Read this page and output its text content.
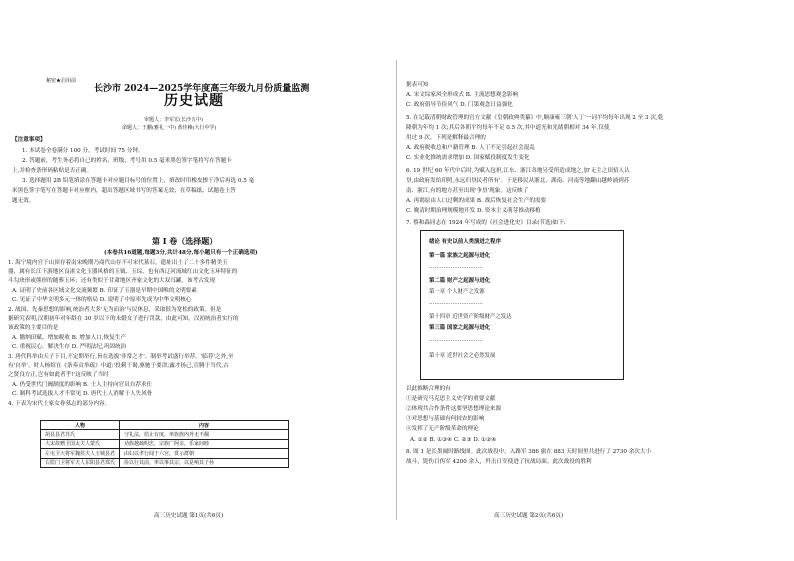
秘密★启用前
长沙市 2024—2025学年度高三年级九月份质量监测
历史试题
审题人：李军宏(长沙五中)
命题人：王鹏(雅礼一中) 黄佳赖(大行中学)
【注意事项】
1. 本试卷全卷满分 100 分，考试时间 75 分钟。
2. 答题前，考生务必将自己的姓名、班级、考号用 0.5 毫米黑色签字笔将写在答题卡
上,并检查条形码粘贴是否正确。
3. 选择题用 2B 铅笔填涂在答题卡对应题目标号的位置上，填改时用橡皮擦干净后再选 0.5 毫
米黑色签字笔写在答题卡对应框内，超出答题区域书写的答案无效；在草稿纸、试题卷上答
题无效。
第 I 卷（选择题）
(本卷共16道题,每题3分,共计48分,每小题只有一个正确选项)
1. 海宁境内官于山顶存着南宋晚期乃商代山存不可宋代墓石，遗址出土了二十多件精美玉
器，属有长江下游地区良渚文化玉器风格的玉钺、玉琮，也有西辽河流域红山文化玉环特征的
斗勾玦形或熊形的随葬玉环；还有类似于甘肃地区齐家文化的大双耳罐。该考古发现
A. 证明了史前各区域文化交流频繁 B. 印证了玉器是早期中国唯的文明要素
C. 见证了中华文明多元一体的格局 D. 说明了中原率先成为中华文明核心
2. 战国、先秦思想的影响,统治者大多'无为而治'与民休息，采取很为宽松的政策。但是
据研究表明,汉朝初年对年龄在 30 岁以下的未婚女子进行罚款，由此可知，汉初统治者实行的
该政策的主要目的是
A. 缴纳田赋、增加税收 B. 增加人口,恢复生产
C. 重视民心、解决生存 D. 严明法纪,巩固统治
3. 唐代科举由天子下目,不定期举行,旨在选拔'非常之才'。制举考试盛行举荐、'临荐'之外,至
有'自举'。时人杨绾在《条奏贡举疏》中道:'投刺干谒,驱驰于要津;露才扬己,宣腾于当代,古
之贤良方正,岂有如此者乎!'这反映了当时
A. 仍受世代门阀制度的影响 B. 士人主持向官员自荐求仕
C. 制科考试选拔人才不常见 D. 唐代士人消解于人失风骨
4. 下表为宋代士家女眷墓志的部分内容。
人物	内容
胡县县君苏氏	守礼法，幼止有度，率族族内外无不佩
大宋故赠卫国太夫人蒙氏	劝族越疏明忠，宗族广阿亲，乐家间睦
左屯卫大将军魏侯夫人玉城县君	由妇以孝行闻于六宫，赏示群朝
右監门卫将军夫人东阳县君郑氏	俭以行其前，率以事其宗，以是响其子孙
高三历史试题 第1页(共6页)
据表可知
A. 宋文综家风全形成式 B. 主流思想观念影响
C. 政府倡导节俭风气 D. 门第观念日益强化
5. 在记载清朝财政管理的官方文献《皇朝政典类纂》中,顺康雍三朝'人丁'一词平均每年出现 2 至 3 次,乾
隆朝为年均 1 次;其后各朝平均每年不足 0.5 次,其中道光和光绪朝相对 34 年,仅使
用过 9 次。下列是解释最合理的
A. 政府税收总和户籍管理 B. 人丁不足引起社会混乱
C. 实业化推统需求增加 D. 国家赋役制度发生变化
6. 19 世纪 60 年代中后时,为赋入包担,江东、浙江各地另受所造成地之,加'无主之田招人认
垦,由政府发给印照,永远归垦民者所有'。于是移民从浙北、湖南、河南等地翻山越岭涌到苏
南、浙江,有的地方甚至出现'争垦'现象。这反映了
A. 再渴原由人口过剩的成果 B. 战后恢复社会生产的需要
C. 晚清时期治理规模地开发 D. 资本主义萌芽推动移植
7. 蔡和森同志在 1924 年写成的《社会进化史》目录(节选)如下:
绪论 有史以前人类演进之程序
第一篇 家族之起源与进化
…………………………
第二篇 财产之起源与进化
第一章 个人财产之发源
…………………………
第十四章 近世资产阶级财产之发达
第三篇 国家之起源与进化
…………………………
第十章 近世社会之必然发展
以此推断合理的有
①是研究马克思主义史学的重要文献
②体现共合作条件这要坚思想理论来源
③对思想与基础有何较农的影响
④发挥了无产阶级革命的理论
A. ①② B. ①③④ C. ②③ D. ①②④
8. 图 1 是长墨阔时路线图。此次战役中，入路军 386 旅在 883 天时间里共进行了 2730 余次大小
战斗，毙伤日伪军 4200 余人，歼击日军使进了抗战局面。此次战役的胜利
高三历史试题 第2页(共6页)
